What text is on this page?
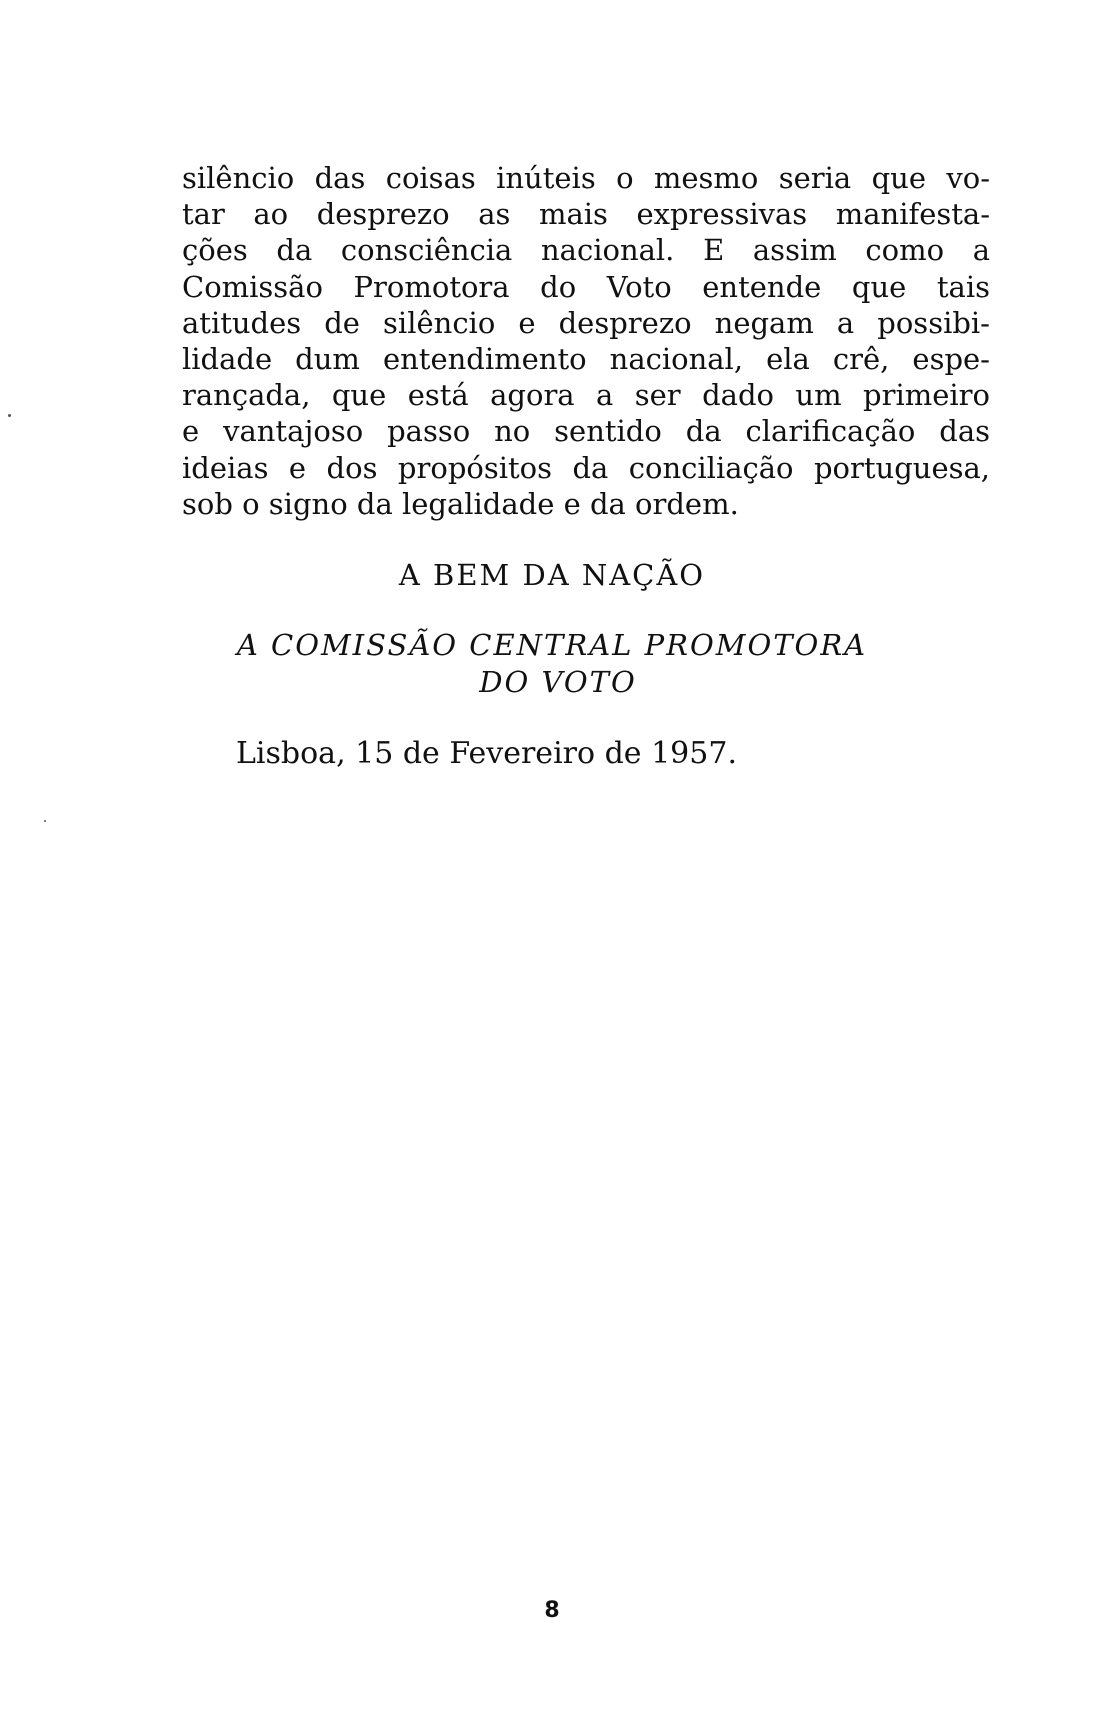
silêncio das coisas inúteis o mesmo seria que vo-
tar ao desprezo as mais expressivas manifesta-
ções da consciência nacional. E assim como a
Comissão Promotora do Voto entende que tais
atitudes de silêncio e desprezo negam a possibi-
lidade dum entendimento nacional, ela crê, espe-
rançada, que está agora a ser dado um primeiro
e vantajoso passo no sentido da clarificação das
ideias e dos propósitos da conciliação portuguesa,
sob o signo da legalidade e da ordem.
A BEM DA NAÇÃO
A COMISSÃO CENTRAL PROMOTORA
DO VOTO
Lisboa, 15 de Fevereiro de 1957.
8
